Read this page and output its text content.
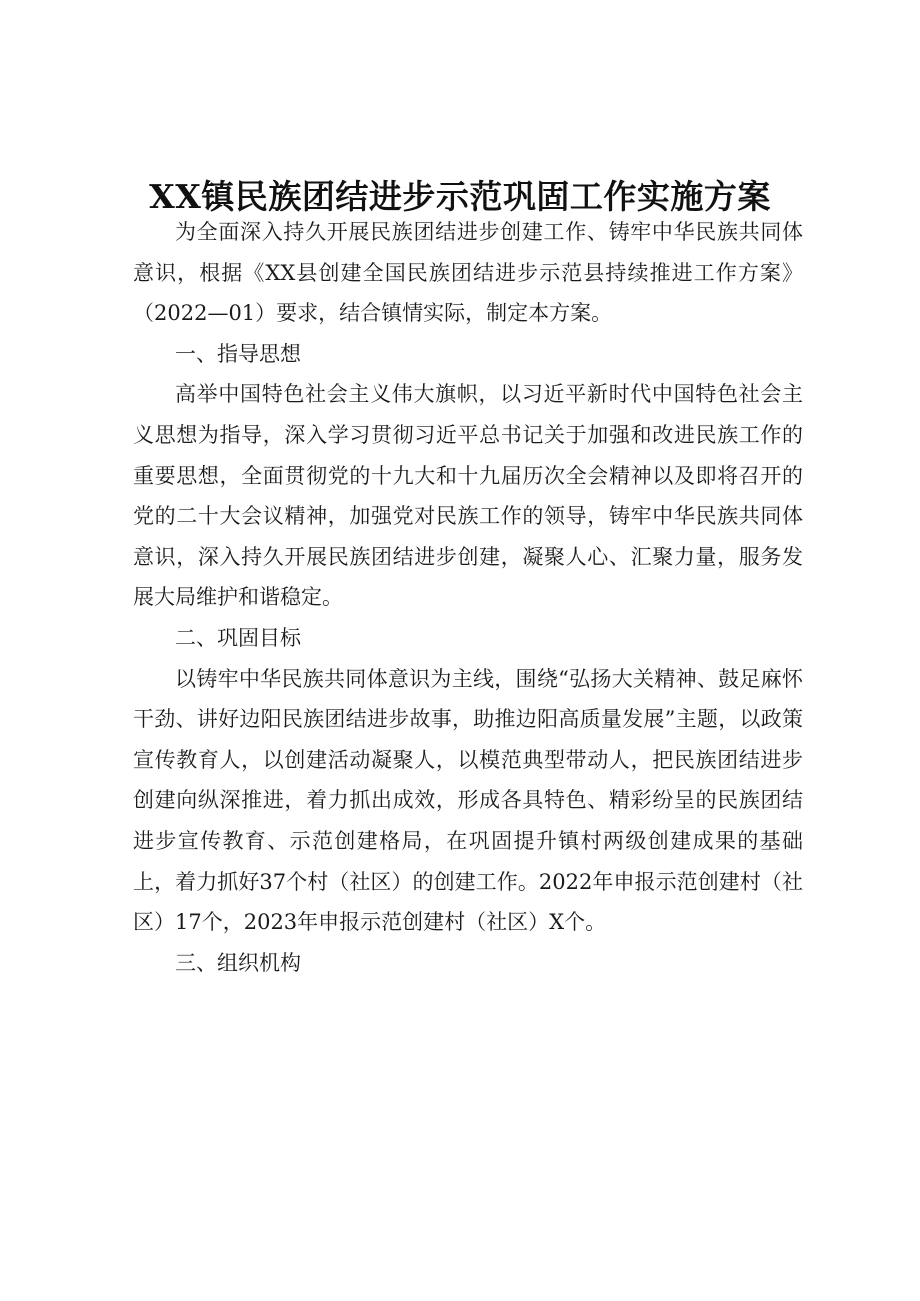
XX镇民族团结进步示范巩固工作实施方案

为全面深入持久开展民族团结进步创建工作、铸牢中华民族共同体意识，根据《XX县创建全国民族团结进步示范县持续推进工作方案》（2022—01）要求，结合镇情实际，制定本方案。

一、指导思想

高举中国特色社会主义伟大旗帜，以习近平新时代中国特色社会主义思想为指导，深入学习贯彻习近平总书记关于加强和改进民族工作的重要思想，全面贯彻党的十九大和十九届历次全会精神以及即将召开的党的二十大会议精神，加强党对民族工作的领导，铸牢中华民族共同体意识，深入持久开展民族团结进步创建，凝聚人心、汇聚力量，服务发展大局维护和谐稳定。

二、巩固目标

以铸牢中华民族共同体意识为主线，围绕“弘扬大关精神、鼓足麻怀干劲、讲好边阳民族团结进步故事，助推边阳高质量发展”主题，以政策宣传教育人，以创建活动凝聚人，以模范典型带动人，把民族团结进步创建向纵深推进，着力抓出成效，形成各具特色、精彩纷呈的民族团结进步宣传教育、示范创建格局，在巩固提升镇村两级创建成果的基础上，着力抓好37个村（社区）的创建工作。2022年申报示范创建村（社区）17个，2023年申报示范创建村（社区）X个。

三、组织机构
